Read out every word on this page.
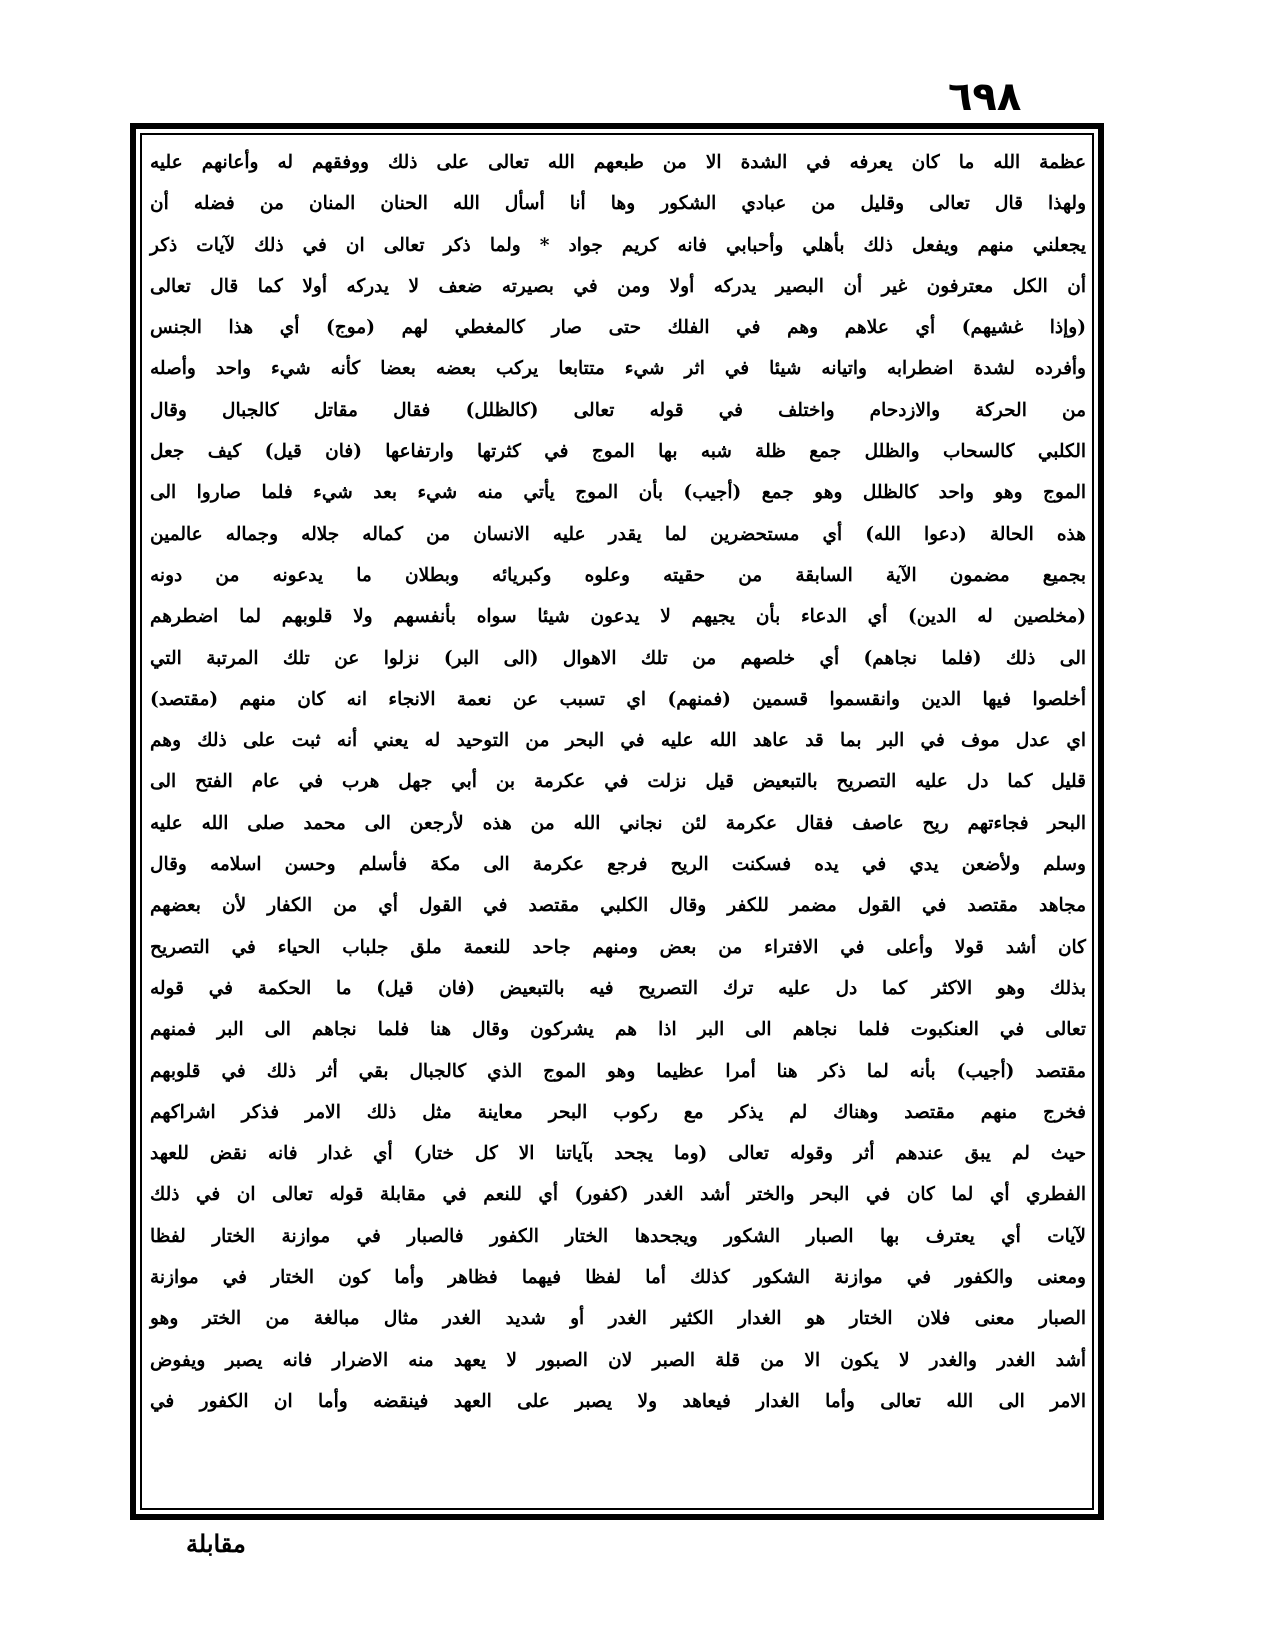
٦٩٨

عظمة الله ما كان يعرفه في الشدة الا من طبعهم الله تعالى على ذلك ووفقهم له وأعانهم عليه

ولهذا قال تعالى وقليل من عبادي الشكور وها أنا أسأل الله الحنان المنان من فضله أن

يجعلني منهم ويفعل ذلك بأهلي وأحبابي فانه كريم جواد * ولما ذكر تعالى ان في ذلك لآيات ذكر

أن الكل معترفون غير أن البصير يدركه أولا ومن في بصيرته ضعف لا يدركه أولا كما قال تعالى

(وإذا غشيهم) أي علاهم وهم في الفلك حتى صار كالمغطي لهم (موج) أي هذا الجنس

وأفرده لشدة اضطرابه واتيانه شيئا في اثر شيء متتابعا يركب بعضه بعضا كأنه شيء واحد وأصله

من الحركة والازدحام واختلف في قوله تعالى (كالظلل) فقال مقاتل كالجبال وقال

الكلبي كالسحاب والظلل جمع ظلة شبه بها الموج في كثرتها وارتفاعها (فان قيل) كيف جعل

الموج وهو واحد كالظلل وهو جمع (أجيب) بأن الموج يأتي منه شيء بعد شيء فلما صاروا الى

هذه الحالة (دعوا الله) أي مستحضرين لما يقدر عليه الانسان من كماله جلاله وجماله عالمين

بجميع مضمون الآية السابقة من حقيته وعلوه وكبريائه وبطلان ما يدعونه من دونه

(مخلصين له الدين) أي الدعاء بأن يجيهم لا يدعون شيئا سواه بأنفسهم ولا قلوبهم لما اضطرهم

الى ذلك (فلما نجاهم) أي خلصهم من تلك الاهوال (الى البر) نزلوا عن تلك المرتبة التي

أخلصوا فيها الدين وانقسموا قسمين (فمنهم) اي تسبب عن نعمة الانجاء انه كان منهم (مقتصد)

اي عدل موف في البر بما قد عاهد الله عليه في البحر من التوحيد له يعني أنه ثبت على ذلك وهم

قليل كما دل عليه التصريح بالتبعيض قيل نزلت في عكرمة بن أبي جهل هرب في عام الفتح الى

البحر فجاءتهم ريح عاصف فقال عكرمة لئن نجاني الله من هذه لأرجعن الى محمد صلى الله عليه

وسلم ولأضعن يدي في يده فسكنت الريح فرجع عكرمة الى مكة فأسلم وحسن اسلامه وقال

مجاهد مقتصد في القول مضمر للكفر وقال الكلبي مقتصد في القول أي من الكفار لأن بعضهم

كان أشد قولا وأعلى في الافتراء من بعض ومنهم جاحد للنعمة ملق جلباب الحياء في التصريح

بذلك وهو الاكثر كما دل عليه ترك التصريح فيه بالتبعيض (فان قيل) ما الحكمة في قوله

تعالى في العنكبوت فلما نجاهم الى البر اذا هم يشركون وقال هنا فلما نجاهم الى البر فمنهم

مقتصد (أجيب) بأنه لما ذكر هنا أمرا عظيما وهو الموج الذي كالجبال بقي أثر ذلك في قلوبهم

فخرج منهم مقتصد وهناك لم يذكر مع ركوب البحر معاينة مثل ذلك الامر فذكر اشراكهم

حيث لم يبق عندهم أثر وقوله تعالى (وما يجحد بآياتنا الا كل ختار) أي غدار فانه نقض للعهد

الفطري أي لما كان في البحر والختر أشد الغدر (كفور) أي للنعم في مقابلة قوله تعالى ان في ذلك

لآيات أي يعترف بها الصبار الشكور ويجحدها الختار الكفور فالصبار في موازنة الختار لفظا

ومعنى والكفور في موازنة الشكور كذلك أما لفظا فيهما فظاهر وأما كون الختار في موازنة

الصبار معنى فلان الختار هو الغدار الكثير الغدر أو شديد الغدر مثال مبالغة من الختر وهو

أشد الغدر والغدر لا يكون الا من قلة الصبر لان الصبور لا يعهد منه الاضرار فانه يصبر ويفوض

الامر الى الله تعالى وأما الغدار فيعاهد ولا يصبر على العهد فينقضه وأما ان الكفور في

مقابلة
